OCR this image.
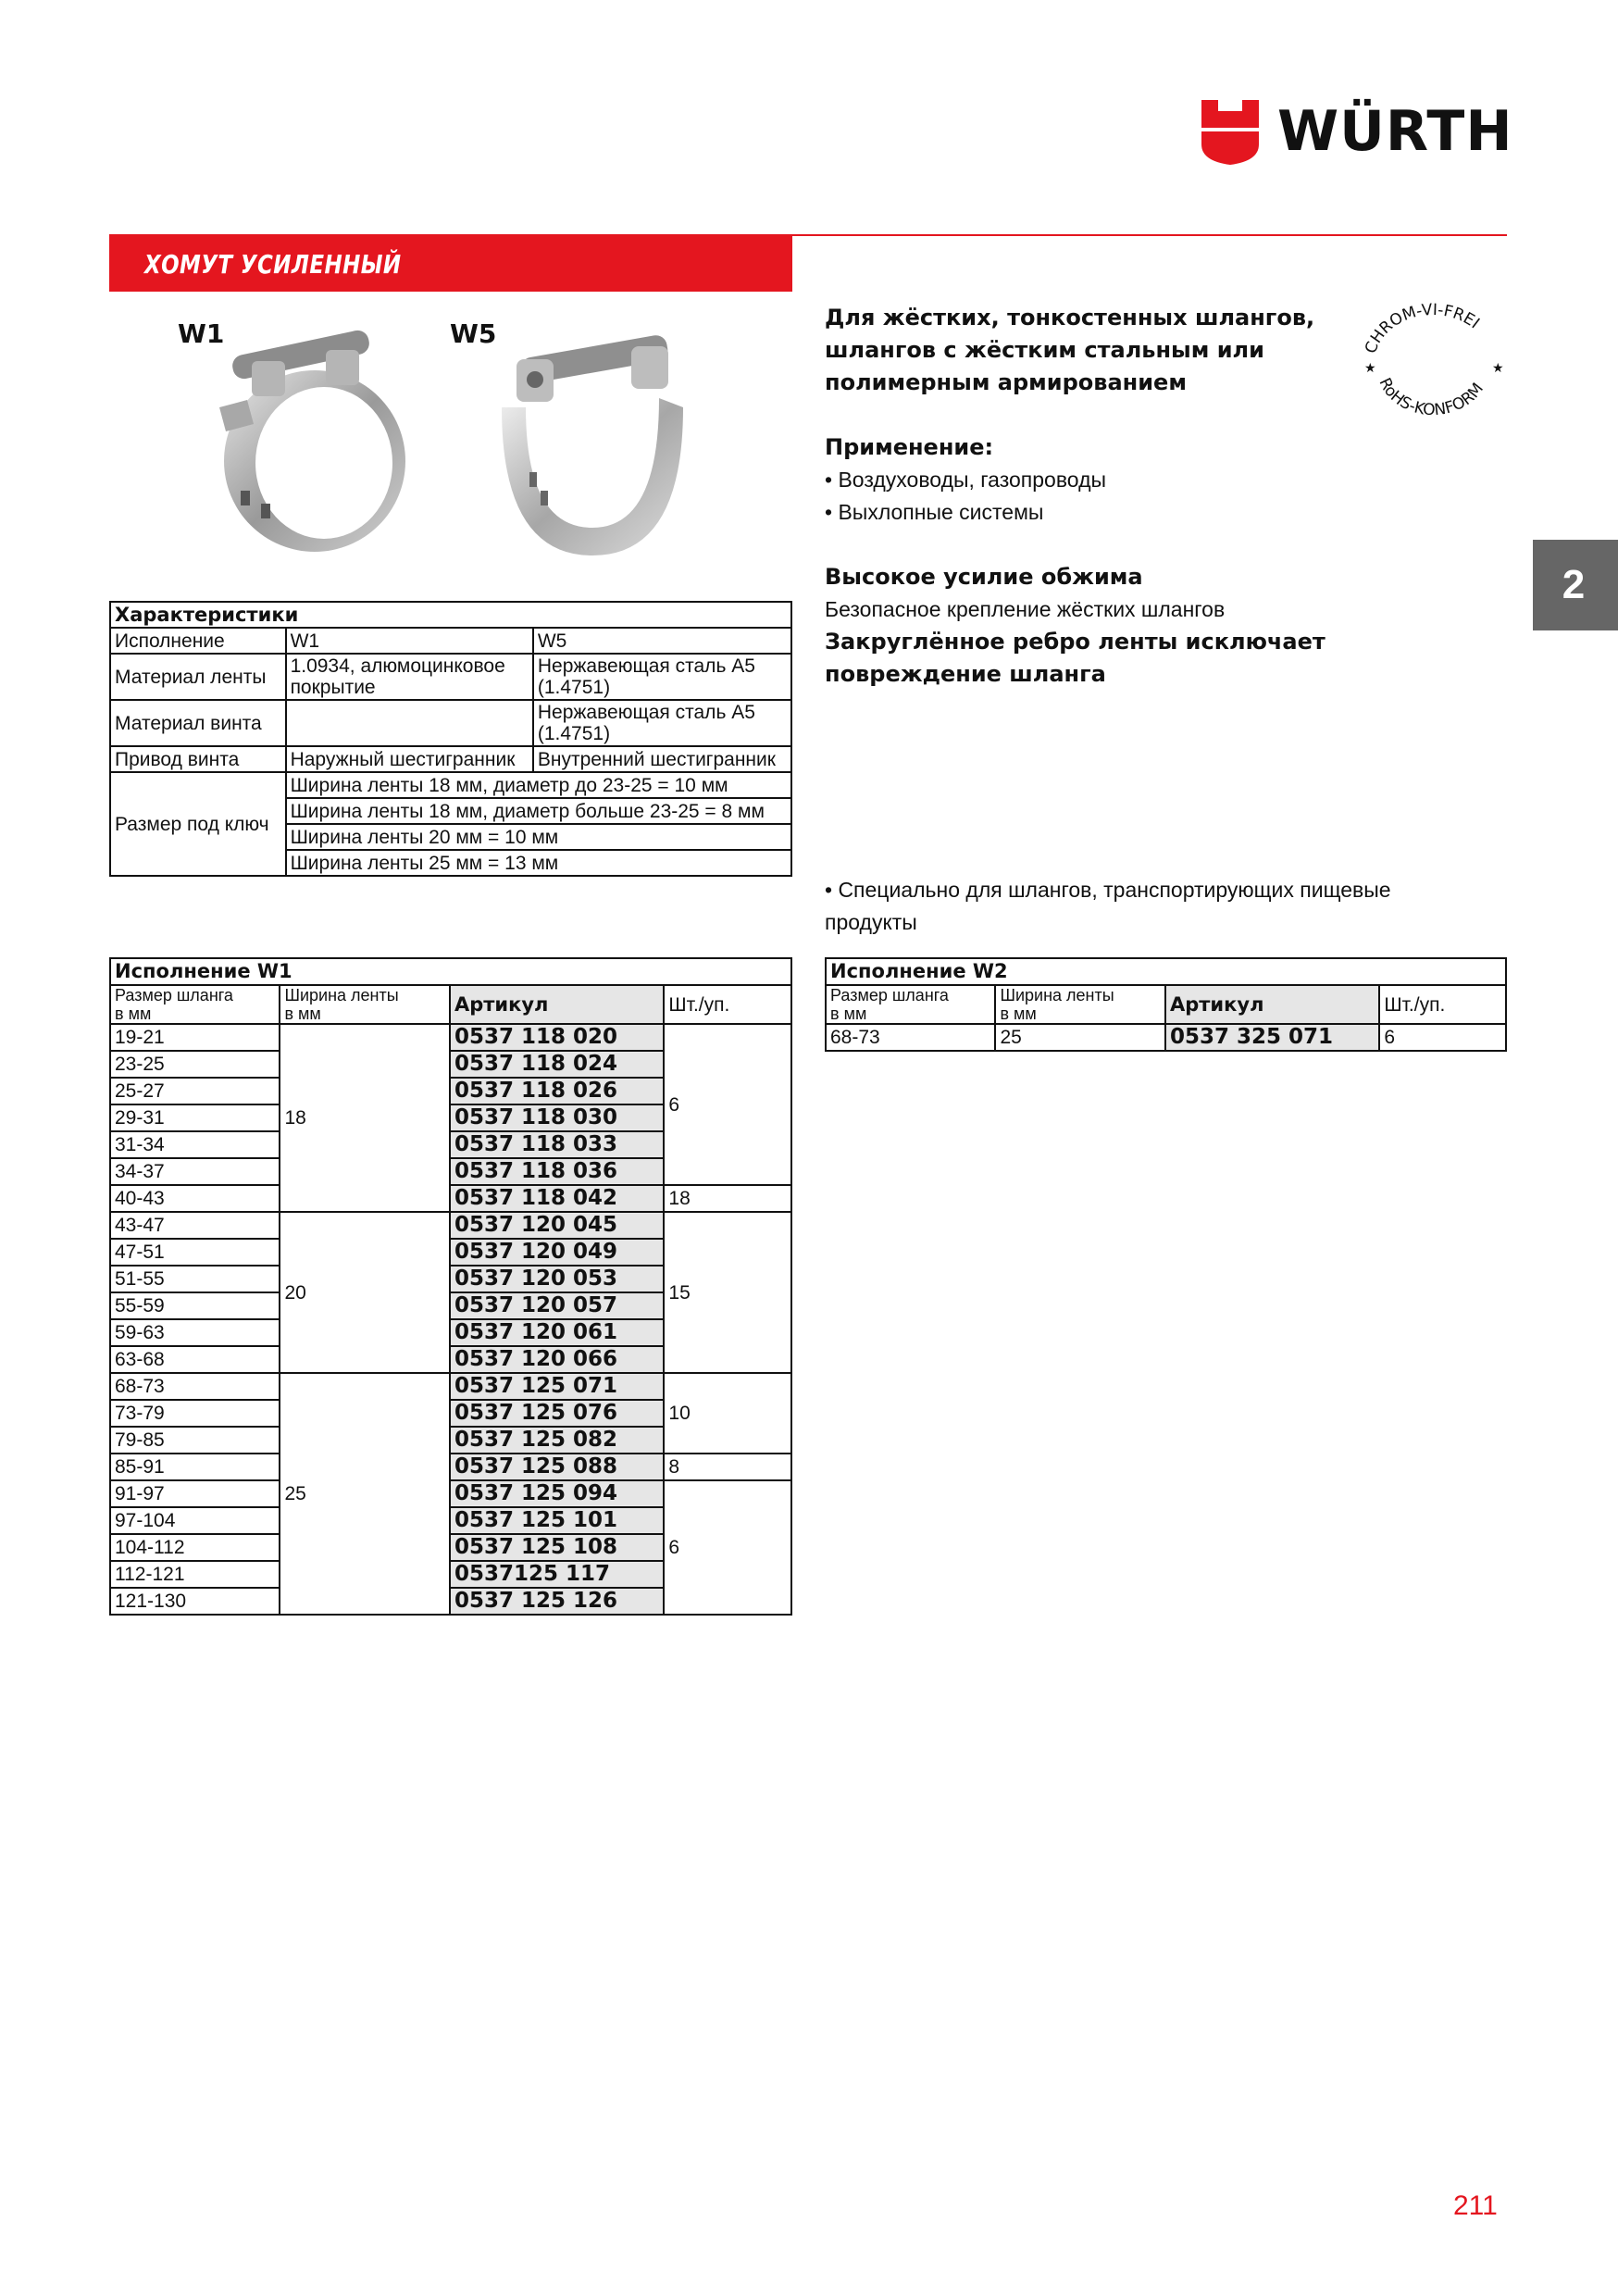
WÜRTH
ХОМУТ УСИЛЕННЫЙ
W1	W5
Характеристики		
Исполнение	W1	W5
Материал ленты	1.0934, алюмоцинковое покрытие	Нержавеющая сталь A5 (1.4751)
Материал винта		Нержавеющая сталь A5 (1.4751)
Привод винта	Наружный шестигранник	Внутренний шестигранник
Размер под ключ	Ширина ленты 18 мм, диаметр до 23-25 = 10 мм	
	Ширина ленты 18 мм, диаметр больше 23-25 = 8 мм	
	Ширина ленты 20 мм = 10 мм	
	Ширина ленты 25 мм = 13 мм	
Исполнение W1			
Размер шланга
в мм	Ширина ленты
в мм	Артикул	Шт./уп.
19-21	18	0537 118 020	6
23-25		0537 118 024	
25-27		0537 118 026	
29-31		0537 118 030	
31-34		0537 118 033	
34-37		0537 118 036	
40-43		0537 118 042	18
43-47	20	0537 120 045	15
47-51		0537 120 049	
51-55		0537 120 053	
55-59		0537 120 057	
59-63		0537 120 061	
63-68		0537 120 066	
68-73	25	0537 125 071	10
73-79		0537 125 076	
79-85		0537 125 082	
85-91		0537 125 088	8
91-97		0537 125 094	6
97-104		0537 125 101	
104-112		0537 125 108	
112-121		0537125 117	
121-130		0537 125 126	
Исполнение W2			
Размер шланга
в мм	Ширина ленты
в мм	Артикул	Шт./уп.
68-73	25	0537 325 071	6
Для жёстких, тонкостенных шлангов,
шлангов с жёстким стальным или
полимерным армированием
CHROM-VI-FREI
RoHS-KONFORM
★	★
Применение:
• Воздуховоды, газопроводы
• Выхлопные системы
Высокое усилие обжима
Безопасное крепление жёстких шлангов
Закруглённое ребро ленты исключает
повреждение шланга
• Специально для шлангов, транспортирующих пищевые
продукты
2
211
